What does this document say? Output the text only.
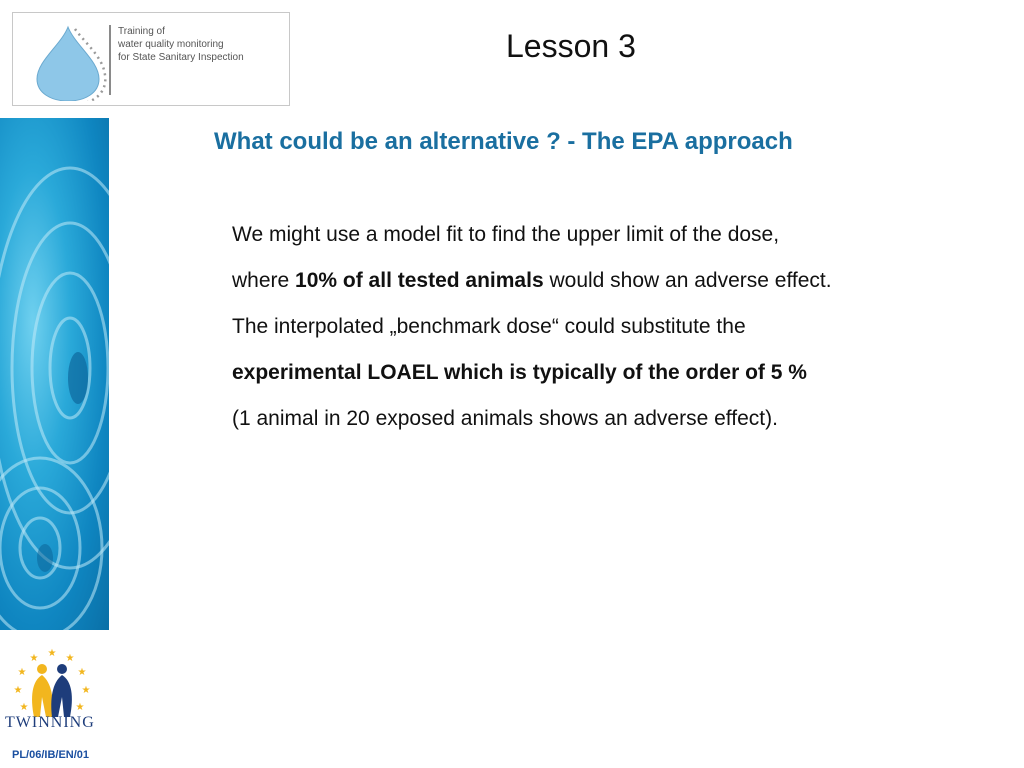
Training of
water quality monitoring
for State Sanitary Inspection	Lesson 3
What could be an alternative ? - The EPA approach
We might use a model fit to find the upper limit of the dose,
where 10% of all tested animals would show an adverse effect.
The interpolated „benchmark dose“ could substitute the
experimental LOAEL which is typically of the order of 5 %
(1 animal in 20 exposed animals shows an adverse effect).
★
★	★
★	★
★	★
★	★
TWINNING
PL/06/IB/EN/01
